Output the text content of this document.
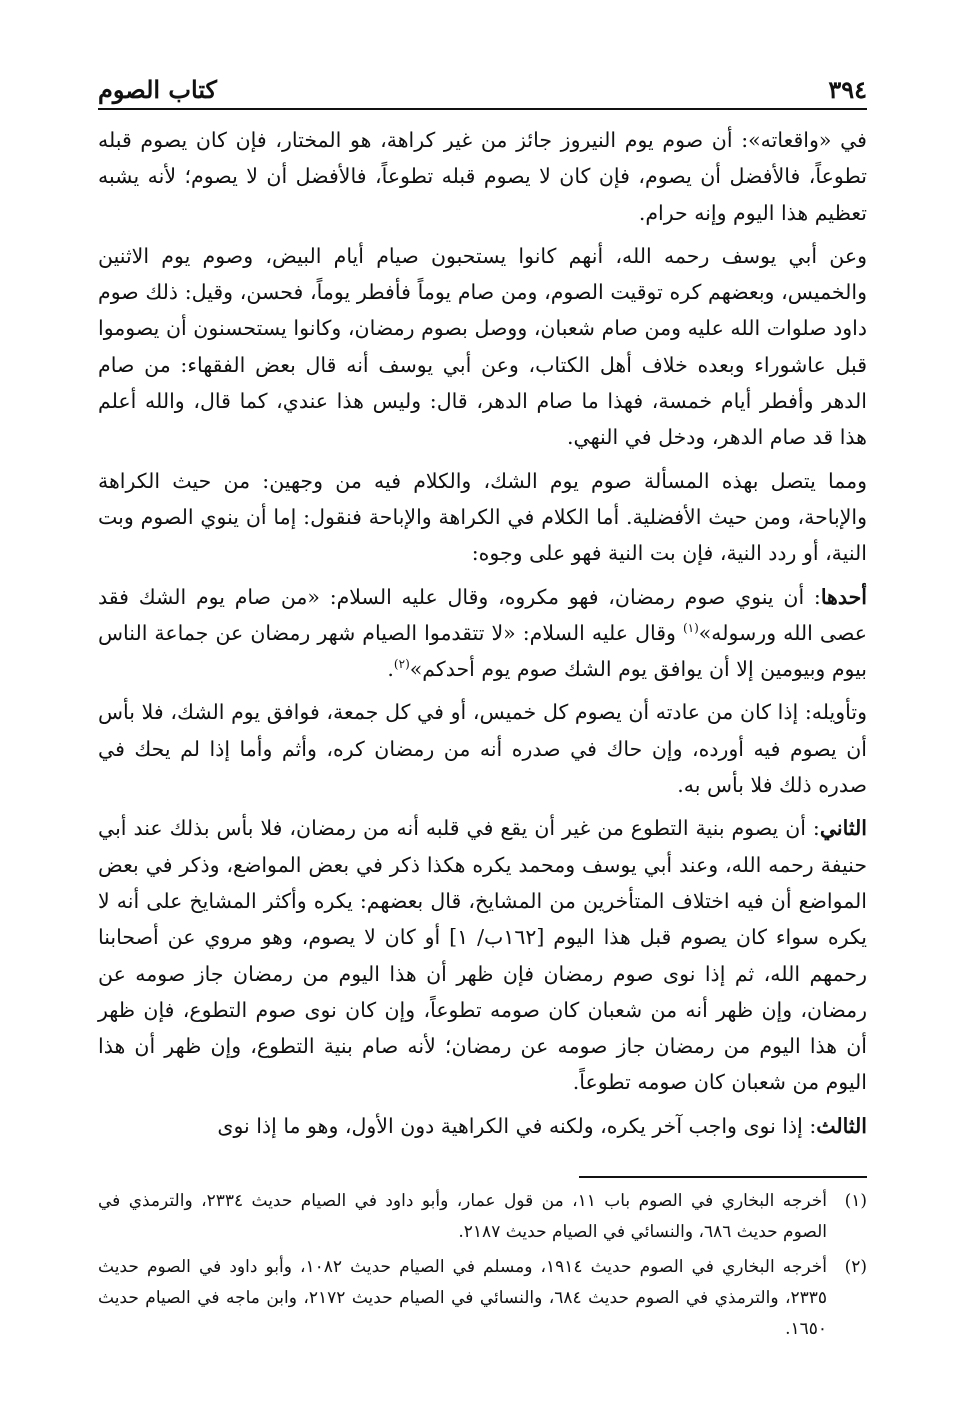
٣٩٤
كتاب الصوم

في «واقعاته»: أن صوم يوم النيروز جائز من غير كراهة، هو المختار، فإن كان يصوم قبله تطوعاً، فالأفضل أن يصوم، فإن كان لا يصوم قبله تطوعاً، فالأفضل أن لا يصوم؛ لأنه يشبه تعظيم هذا اليوم وإنه حرام.

وعن أبي يوسف رحمه الله، أنهم كانوا يستحبون صيام أيام البيض، وصوم يوم الاثنين والخميس، وبعضهم كره توقيت الصوم، ومن صام يوماً فأفطر يوماً، فحسن، وقيل: ذلك صوم داود صلوات الله عليه ومن صام شعبان، ووصل بصوم رمضان، وكانوا يستحسنون أن يصوموا قبل عاشوراء وبعده خلاف أهل الكتاب، وعن أبي يوسف أنه قال بعض الفقهاء: من صام الدهر وأفطر أيام خمسة، فهذا ما صام الدهر، قال: وليس هذا عندي، كما قال، والله أعلم هذا قد صام الدهر، ودخل في النهي.

ومما يتصل بهذه المسألة صوم يوم الشك، والكلام فيه من وجهين: من حيث الكراهة والإباحة، ومن حيث الأفضلية. أما الكلام في الكراهة والإباحة فنقول: إما أن ينوي الصوم وبت النية، أو ردد النية، فإن بت النية فهو على وجوه:

أحدها: أن ينوي صوم رمضان، فهو مكروه، وقال عليه السلام: «من صام يوم الشك فقد عصى الله ورسوله»$^{(١)}$ وقال عليه السلام: «لا تتقدموا الصيام شهر رمضان عن جماعة الناس بيوم وبيومين إلا أن يوافق يوم الشك صوم يوم أحدكم»$^{(٢)}$.

وتأويله: إذا كان من عادته أن يصوم كل خميس، أو في كل جمعة، فوافق يوم الشك، فلا بأس أن يصوم فيه أورده، وإن حاك في صدره أنه من رمضان كره، وأثم وأما إذا لم يحك في صدره ذلك فلا بأس به.

الثاني: أن يصوم بنية التطوع من غير أن يقع في قلبه أنه من رمضان، فلا بأس بذلك عند أبي حنيفة رحمه الله، وعند أبي يوسف ومحمد يكره هكذا ذكر في بعض المواضع، وذكر في بعض المواضع أن فيه اختلاف المتأخرين من المشايخ، قال بعضهم: يكره وأكثر المشايخ على أنه لا يكره سواء كان يصوم قبل هذا اليوم [١٦٢ب/ ١] أو كان لا يصوم، وهو مروي عن أصحابنا رحمهم الله، ثم إذا نوى صوم رمضان فإن ظهر أن هذا اليوم من رمضان جاز صومه عن رمضان، وإن ظهر أنه من شعبان كان صومه تطوعاً، وإن كان نوى صوم التطوع، فإن ظهر أن هذا اليوم من رمضان جاز صومه عن رمضان؛ لأنه صام بنية التطوع، وإن ظهر أن هذا اليوم من شعبان كان صومه تطوعاً.

الثالث: إذا نوى واجب آخر يكره، ولكنه في الكراهية دون الأول، وهو ما إذا نوى

(١)
أخرجه البخاري في الصوم باب ١١، من قول عمار، وأبو داود في الصيام حديث ٢٣٣٤، والترمذي في الصوم حديث ٦٨٦، والنسائي في الصيام حديث ٢١٨٧.
(٢)
أخرجه البخاري في الصوم حديث ١٩١٤، ومسلم في الصيام حديث ١٠٨٢، وأبو داود في الصوم حديث ٢٣٣٥، والترمذي في الصوم حديث ٦٨٤، والنسائي في الصيام حديث ٢١٧٢، وابن ماجه في الصيام حديث ١٦٥٠.
